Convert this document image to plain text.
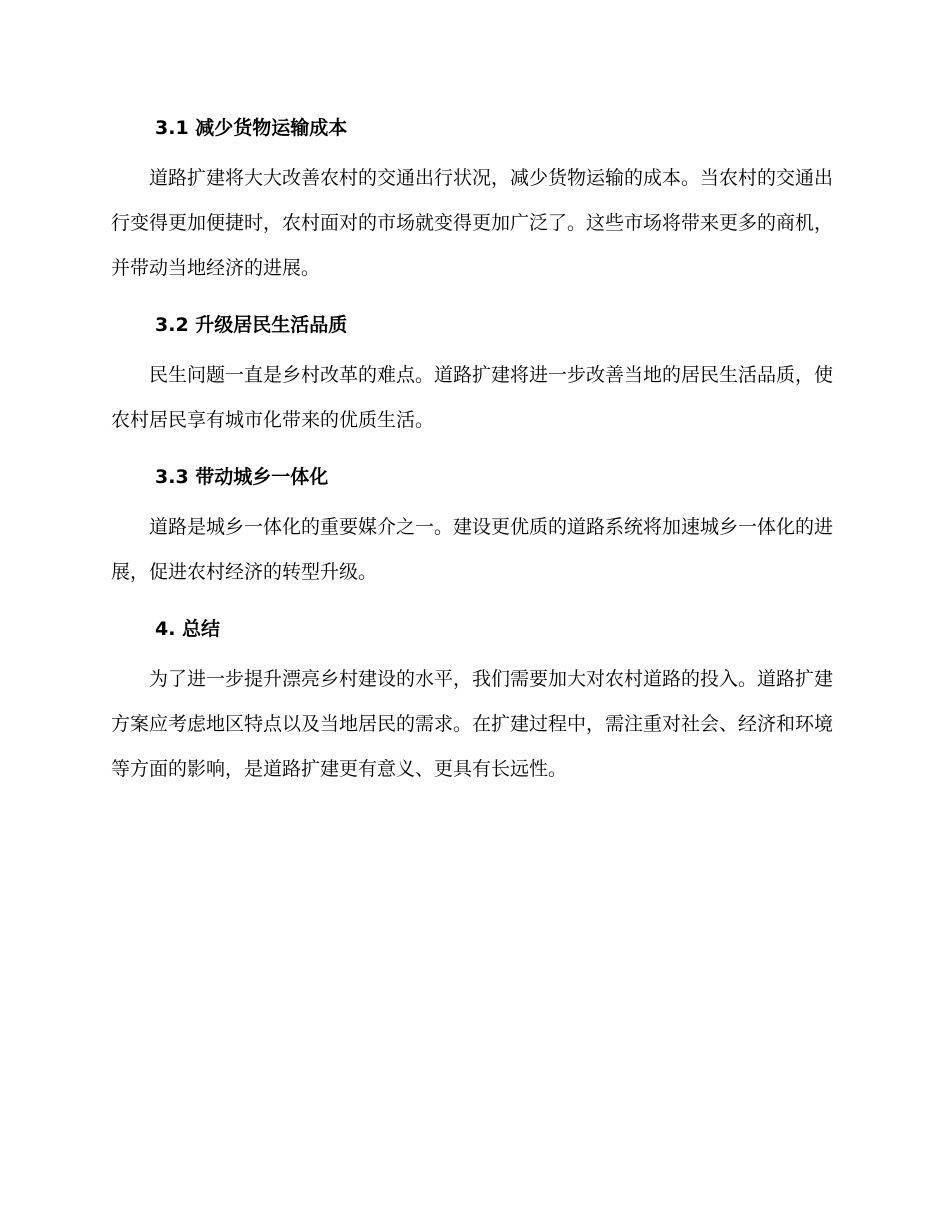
3.1 减少货物运输成本

道路扩建将大大改善农村的交通出行状况，减少货物运输的成本。当农村的交通出行变得更加便捷时，农村面对的市场就变得更加广泛了。这些市场将带来更多的商机，并带动当地经济的进展。

3.2 升级居民生活品质

民生问题一直是乡村改革的难点。道路扩建将进一步改善当地的居民生活品质，使农村居民享有城市化带来的优质生活。

3.3 带动城乡一体化

道路是城乡一体化的重要媒介之一。建设更优质的道路系统将加速城乡一体化的进展，促进农村经济的转型升级。

4. 总结

为了进一步提升漂亮乡村建设的水平，我们需要加大对农村道路的投入。道路扩建方案应考虑地区特点以及当地居民的需求。在扩建过程中，需注重对社会、经济和环境等方面的影响，是道路扩建更有意义、更具有长远性。
